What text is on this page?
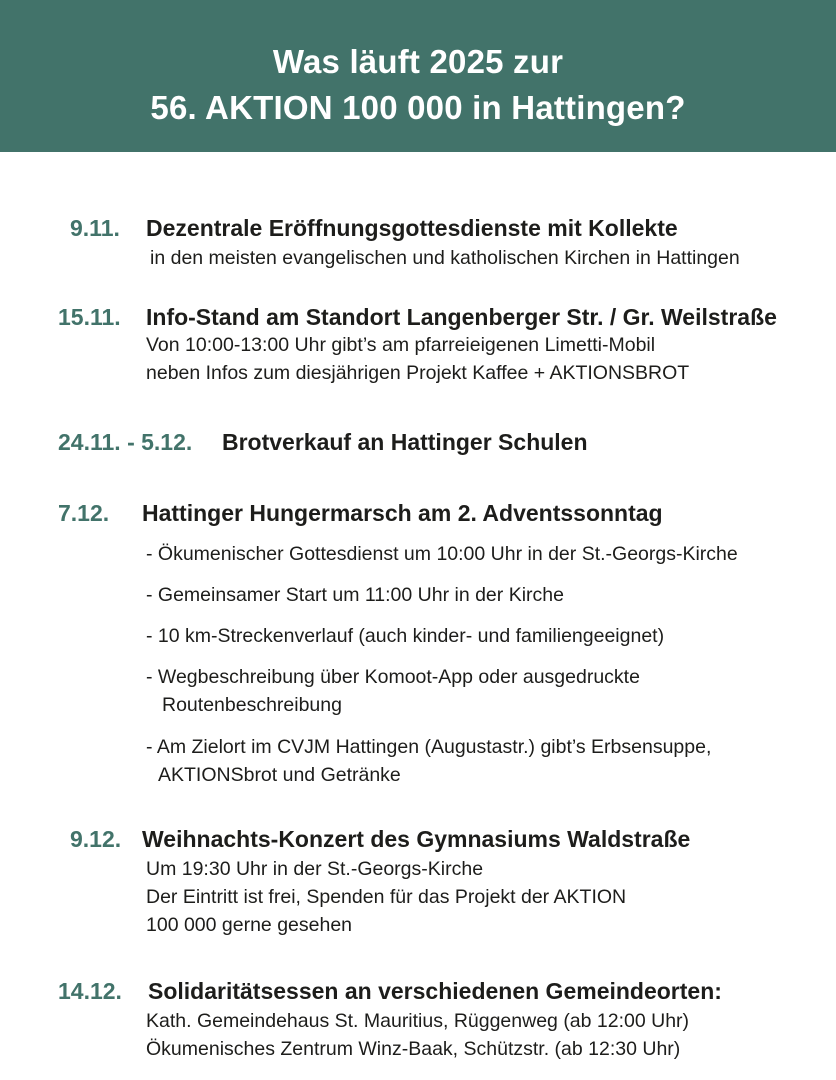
Was läuft 2025 zur
56. AKTION 100 000 in Hattingen?
9.11. Dezentrale Eröffnungsgottesdienste mit Kollekte
in den meisten evangelischen und katholischen Kirchen in Hattingen
15.11. Info-Stand am Standort Langenberger Str. / Gr. Weilstraße
Von 10:00-13:00 Uhr gibt’s am pfarreieigenen Limetti-Mobil
neben Infos zum diesjährigen Projekt Kaffee + AKTIONSBROT
24.11. - 5.12. Brotverkauf an Hattinger Schulen
7.12. Hattinger Hungermarsch am 2. Adventssonntag
- Ökumenischer Gottesdienst um 10:00 Uhr in der St.-Georgs-Kirche
- Gemeinsamer Start um 11:00 Uhr in der Kirche
- 10 km-Streckenverlauf (auch kinder- und familiengeeignet)
- Wegbeschreibung über Komoot-App oder ausgedruckte
Routenbeschreibung
- Am Zielort im CVJM Hattingen (Augustastr.) gibt’s Erbsensuppe,
AKTIONSbrot und Getränke
9.12. Weihnachts-Konzert des Gymnasiums Waldstraße
Um 19:30 Uhr in der St.-Georgs-Kirche
Der Eintritt ist frei, Spenden für das Projekt der AKTION
100 000 gerne gesehen
14.12. Solidaritätsessen an verschiedenen Gemeindeorten:
Kath. Gemeindehaus St. Mauritius, Rüggenweg (ab 12:00 Uhr)
Ökumenisches Zentrum Winz-Baak, Schützstr. (ab 12:30 Uhr)
